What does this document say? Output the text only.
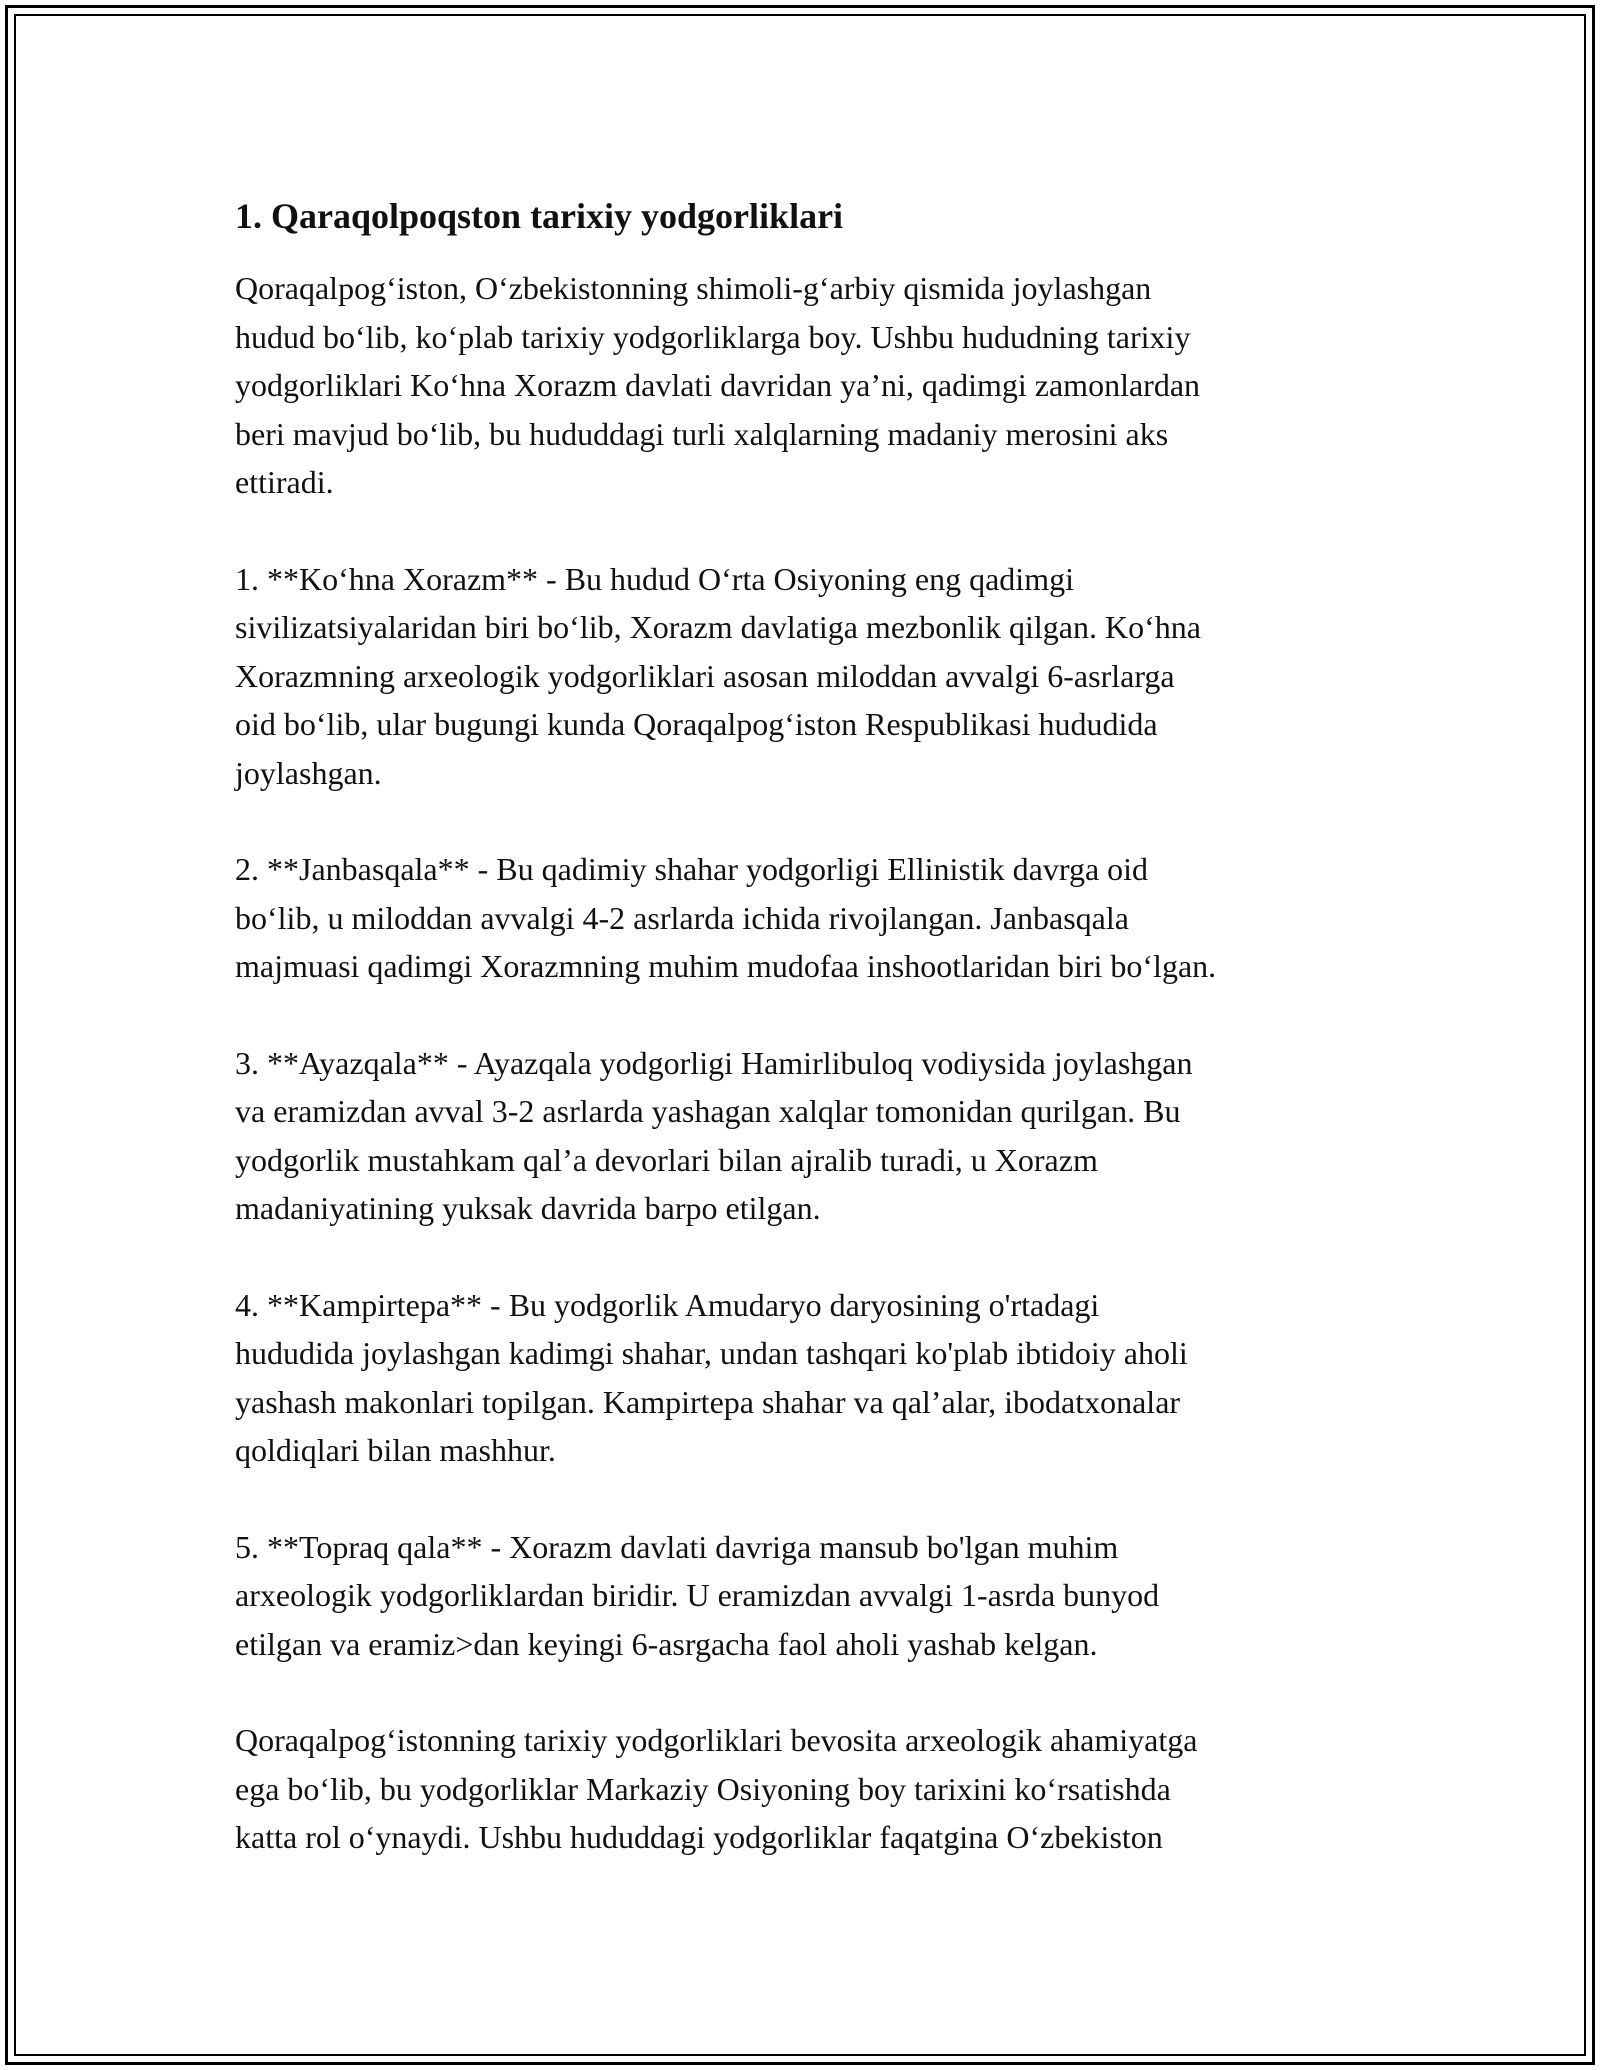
1. Qaraqolpoqston tarixiy yodgorliklari

Qoraqalpog‘iston, O‘zbekistonning shimoli-g‘arbiy qismida joylashgan
hudud bo‘lib, ko‘plab tarixiy yodgorliklarga boy. Ushbu hududning tarixiy
yodgorliklari Ko‘hna Xorazm davlati davridan ya’ni, qadimgi zamonlardan
beri mavjud bo‘lib, bu hududdagi turli xalqlarning madaniy merosini aks
ettiradi.

1. **Ko‘hna Xorazm** - Bu hudud O‘rta Osiyoning eng qadimgi
sivilizatsiyalaridan biri bo‘lib, Xorazm davlatiga mezbonlik qilgan. Ko‘hna
Xorazmning arxeologik yodgorliklari asosan miloddan avvalgi 6-asrlarga
oid bo‘lib, ular bugungi kunda Qoraqalpog‘iston Respublikasi hududida
joylashgan.

2. **Janbasqala** - Bu qadimiy shahar yodgorligi Ellinistik davrga oid
bo‘lib, u miloddan avvalgi 4-2 asrlarda ichida rivojlangan. Janbasqala
majmuasi qadimgi Xorazmning muhim mudofaa inshootlaridan biri bo‘lgan.

3. **Ayazqala** - Ayazqala yodgorligi Hamirlibuloq vodiysida joylashgan
va eramizdan avval 3-2 asrlarda yashagan xalqlar tomonidan qurilgan. Bu
yodgorlik mustahkam qal’a devorlari bilan ajralib turadi, u Xorazm
madaniyatining yuksak davrida barpo etilgan.

4. **Kampirtepa** - Bu yodgorlik Amudaryo daryosining o'rtadagi
hududida joylashgan kadimgi shahar, undan tashqari ko'plab ibtidoiy aholi
yashash makonlari topilgan. Kampirtepa shahar va qal’alar, ibodatxonalar
qoldiqlari bilan mashhur.

5. **Topraq qala** - Xorazm davlati davriga mansub bo'lgan muhim
arxeologik yodgorliklardan biridir. U eramizdan avvalgi 1-asrda bunyod
etilgan va eramiz>dan keyingi 6-asrgacha faol aholi yashab kelgan.

Qoraqalpog‘istonning tarixiy yodgorliklari bevosita arxeologik ahamiyatga
ega bo‘lib, bu yodgorliklar Markaziy Osiyoning boy tarixini ko‘rsatishda
katta rol o‘ynaydi. Ushbu hududdagi yodgorliklar faqatgina O‘zbekiston
